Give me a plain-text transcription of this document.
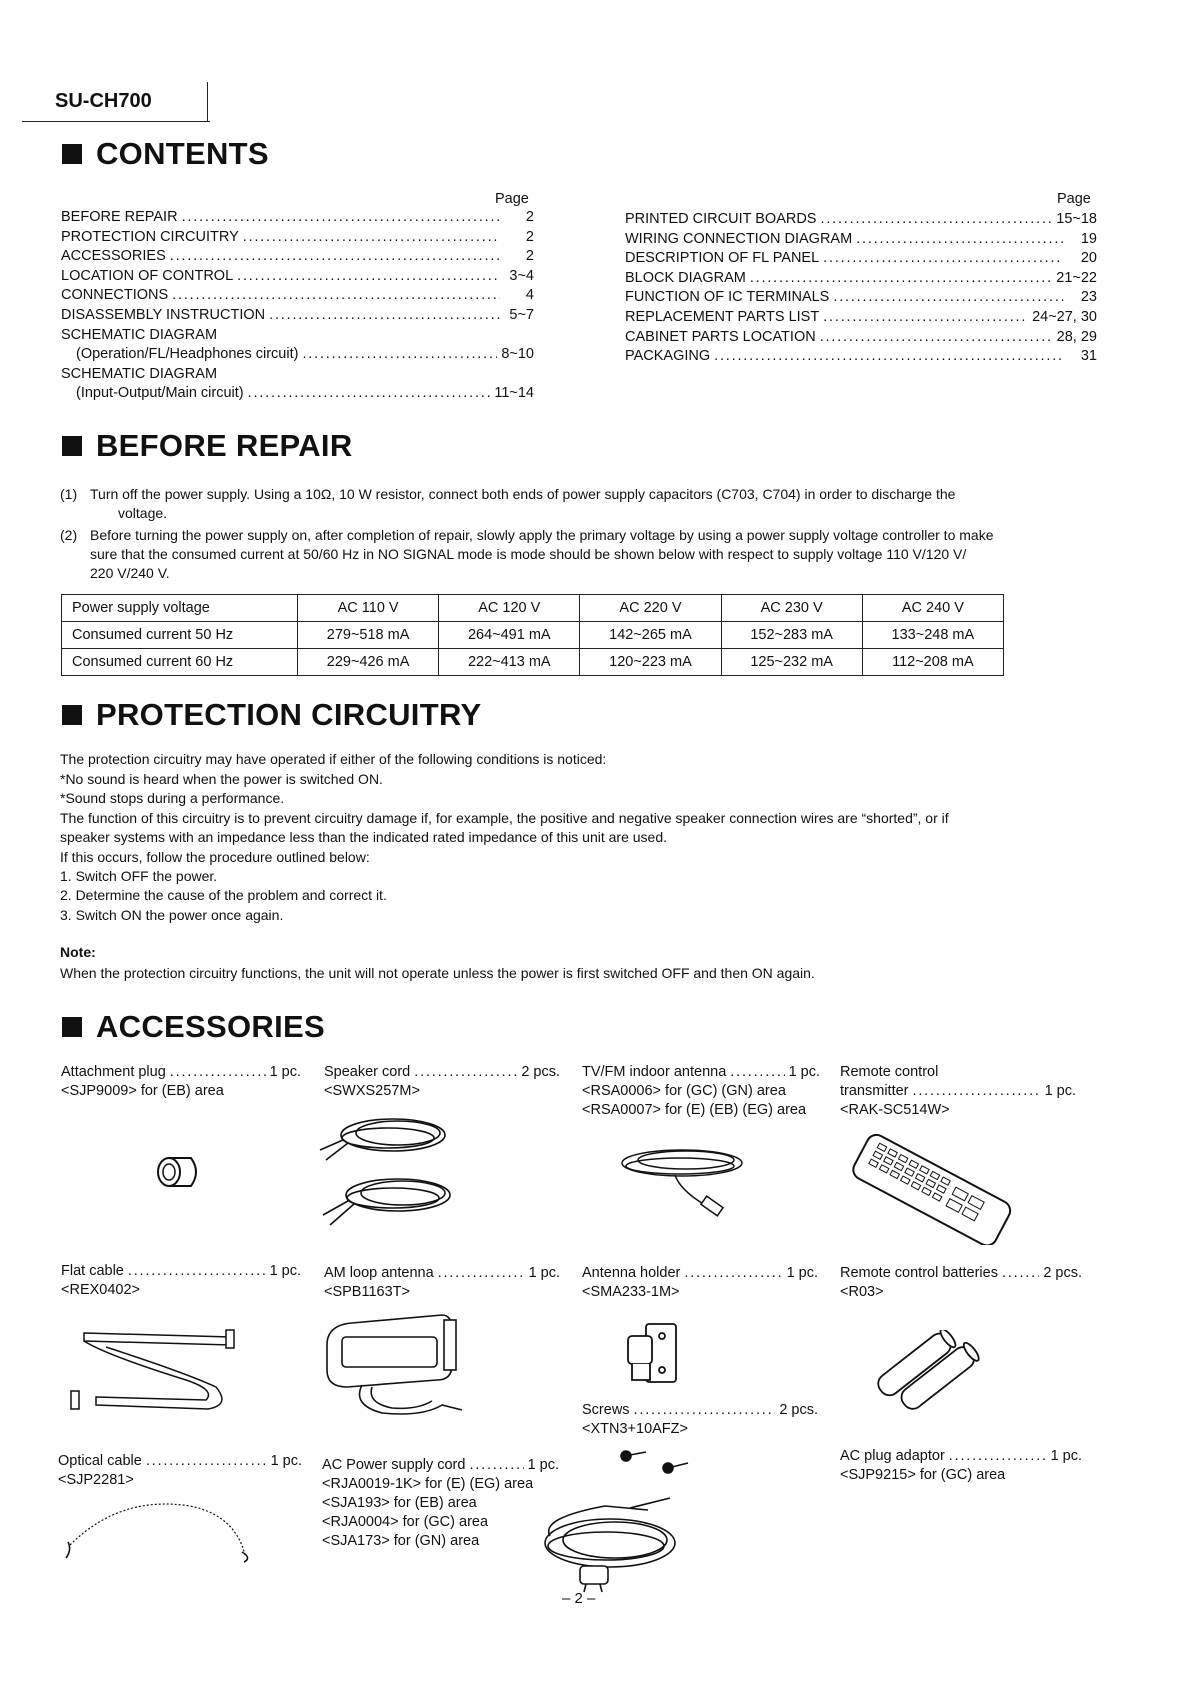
SU-CH700
CONTENTS
Page	Page
BEFORE REPAIR .....	2
PROTECTION CIRCUITRY .....	2
ACCESSORIES .....	2
LOCATION OF CONTROL .....	3~4
CONNECTIONS .....	4
DISASSEMBLY INSTRUCTION .....	5~7
SCHEMATIC DIAGRAM
(Operation/FL/Headphones circuit) .....	8~10
SCHEMATIC DIAGRAM
(Input-Output/Main circuit) .....	11~14
PRINTED CIRCUIT BOARDS .....	15~18
WIRING CONNECTION DIAGRAM .....	19
DESCRIPTION OF FL PANEL .....	20
BLOCK DIAGRAM .....	21~22
FUNCTION OF IC TERMINALS .....	23
REPLACEMENT PARTS LIST .....	24~27, 30
CABINET PARTS LOCATION .....	28, 29
PACKAGING .....	31
BEFORE REPAIR
(1) Turn off the power supply. Using a 10Ω, 10 W resistor, connect both ends of power supply capacitors (C703, C704) in order to discharge the
voltage.
(2) Before turning the power supply on, after completion of repair, slowly apply the primary voltage by using a power supply voltage controller to make
sure that the consumed current at 50/60 Hz in NO SIGNAL mode is mode should be shown below with respect to supply voltage 110 V/120 V/
220 V/240 V.
Power supply voltage	AC 110 V	AC 120 V	AC 220 V	AC 230 V	AC 240 V
Consumed current 50 Hz	279~518 mA	264~491 mA	142~265 mA	152~283 mA	133~248 mA
Consumed current 60 Hz	229~426 mA	222~413 mA	120~223 mA	125~232 mA	112~208 mA
PROTECTION CIRCUITRY
The protection circuitry may have operated if either of the following conditions is noticed:
*No sound is heard when the power is switched ON.
*Sound stops during a performance.
The function of this circuitry is to prevent circuitry damage if, for example, the positive and negative speaker connection wires are “shorted”, or if
speaker systems with an impedance less than the indicated rated impedance of this unit are used.
If this occurs, follow the procedure outlined below:
1. Switch OFF the power.
2. Determine the cause of the problem and correct it.
3. Switch ON the power once again.
Note:
When the protection circuitry functions, the unit will not operate unless the power is first switched OFF and then ON again.
ACCESSORIES
Attachment plug .....	1 pc.
<SJP9009> for (EB) area
Speaker cord .....	2 pcs.
<SWXS257M>
TV/FM indoor antenna .....	1 pc.
<RSA0006> for (GC) (GN) area
<RSA0007> for (E) (EB) (EG) area
Remote control
transmitter .....	1 pc.
<RAK-SC514W>
Flat cable .....	1 pc.
<REX0402>
AM loop antenna .....	1 pc.
<SPB1163T>
Antenna holder .....	1 pc.
<SMA233-1M>
Remote control batteries .....	2 pcs.
<R03>
Screws .....	2 pcs.
<XTN3+10AFZ>
Optical cable .....	1 pc.
<SJP2281>
AC Power supply cord .....	1 pc.
<RJA0019-1K> for (E) (EG) area
<SJA193> for (EB) area
<RJA0004> for (GC) area
<SJA173> for (GN) area
AC plug adaptor .....	1 pc.
<SJP9215> for (GC) area
– 2 –
